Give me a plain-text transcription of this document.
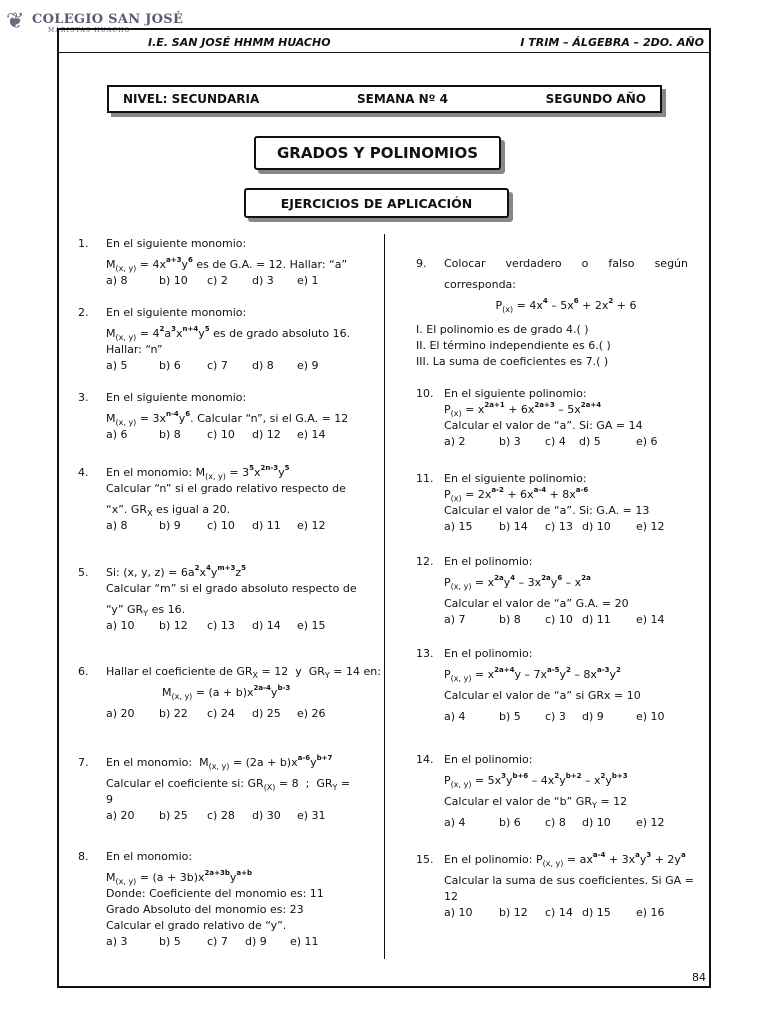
❦ COLEGIO SAN JOSÉ
MARISTAS HUACHO
I.E. SAN JOSÉ HHMM HUACHO	I TRIM – ÁLGEBRA – 2DO. AÑO
NIVEL: SECUNDARIA	SEMANA Nº 4	SEGUNDO AÑO
GRADOS Y POLINOMIOS
EJERCICIOS DE APLICACIÓN
1. En el siguiente monomio:
$M_{(x, y)} = 4x^{a+3}y^6$ es de G.A. = 12. Hallar: “a”
a) 8	b) 10 c) 2 d) 3 e) 1
2. En el siguiente monomio:
$M_{(x, y)} = 4^2a^3x^{n+4}y^5$ es de grado absoluto 16.
Hallar: “n”
a) 5	b) 6 c) 7 d) 8 e) 9
3. En el siguiente monomio:
$M_{(x, y)} = 3x^{n-4}y^6$. Calcular “n”, si el G.A. = 12
a) 6	b) 8 c) 10 d) 12 e) 14
4. En el monomio: $M_{(x, y)} = 3^5x^{2n-3}y^5$
Calcular “n” si el grado relativo respecto de
“x”. $GR_X$ es igual a 20.
a) 8	b) 9 c) 10 d) 11 e) 12
5. Si: (x, y, $z) = 6a^2x^4y^{m+3}z^5$
Calcular “m” si el grado absoluto respecto de
“y” $GR_Y$ es 16.
a) 10 b) 12 c) 13 d) 14 e) 15
6. Hallar el coeficiente de $GR_X = 12$  y  $GR_Y = 14$ en:
$M_{(x, y)} = (a + b)x^{2a-4}y^{b-3}$
a) 20 b) 22 c) 24 d) 25 e) 26
7. En el monomio:  $M_{(x, y)} = (2a + b)x^{a-6}y^{b+7}$
Calcular el coeficiente si: $GR_{(X)} = 8$  ;  $GR_Y$ =
9
a) 20 b) 25 c) 28 d) 30 e) 31
8. En el monomio:
$M_{(x, y)} = (a + 3b)x^{2a+3b}y^{a+b}$
Donde: Coeficiente del monomio es: 11
Grado Absoluto del monomio es: 23
Calcular el grado relativo de “y”.
a) 3	b) 5 c) 7 d) 9 e) 11
9. Colocar verdadero o falso según
corresponda:
$P_{(x)} = 4x^4 - 5x^6 + 2x^2 + 6$
I. El polinomio es de grado 4.( )
II. El término independiente es 6.( )
III. La suma de coeficientes es 7.( )
10. En el siguiente polinomio:
$P_{(x)} = x^{2a+1} + 6x^{2a+3} - 5x^{2a+4}$
Calcular el valor de “a”. Si: GA = 14
a) 2	b) 3 c) 4 d) 5	e) 6
11. En el siguiente polinomio:
$P_{(x)} = 2x^{a-2} + 6x^{a-4} + 8x^{a-6}$
Calcular el valor de “a”. Si: G.A. = 13
a) 15 b) 14 c) 13 d) 10 e) 12
12. En el polinomio:
$P_{(x, y)} = x^{2a}y^4 - 3x^{2a}y^6 - x^{2a}$
Calcular el valor de “a” G.A. = 20
a) 7	b) 8 c) 10 d) 11 e) 14
13. En el polinomio:
$P_{(x, y)} = x^{2a+4}y - 7x^{a-5}y^2 - 8x^{a-3}y^2$
Calcular el valor de “a” si GRx = 10
a) 4	b) 5 c) 3 d) 9	e) 10
14. En el polinomio:
$P_{(x, y)} = 5x^3y^{b+6} - 4x^2y^{b+2} - x^2y^{b+3}$
Calcular el valor de “b” $GR_Y = 12$
a) 4	b) 6 c) 8 d) 10 e) 12
15. En el polinomio: $P_{(x, y)} = ax^{a-4} + 3x^ay^3 + 2y^a$
Calcular la suma de sus coeficientes. Si GA =
12
a) 10 b) 12 c) 14 d) 15 e) 16
84
